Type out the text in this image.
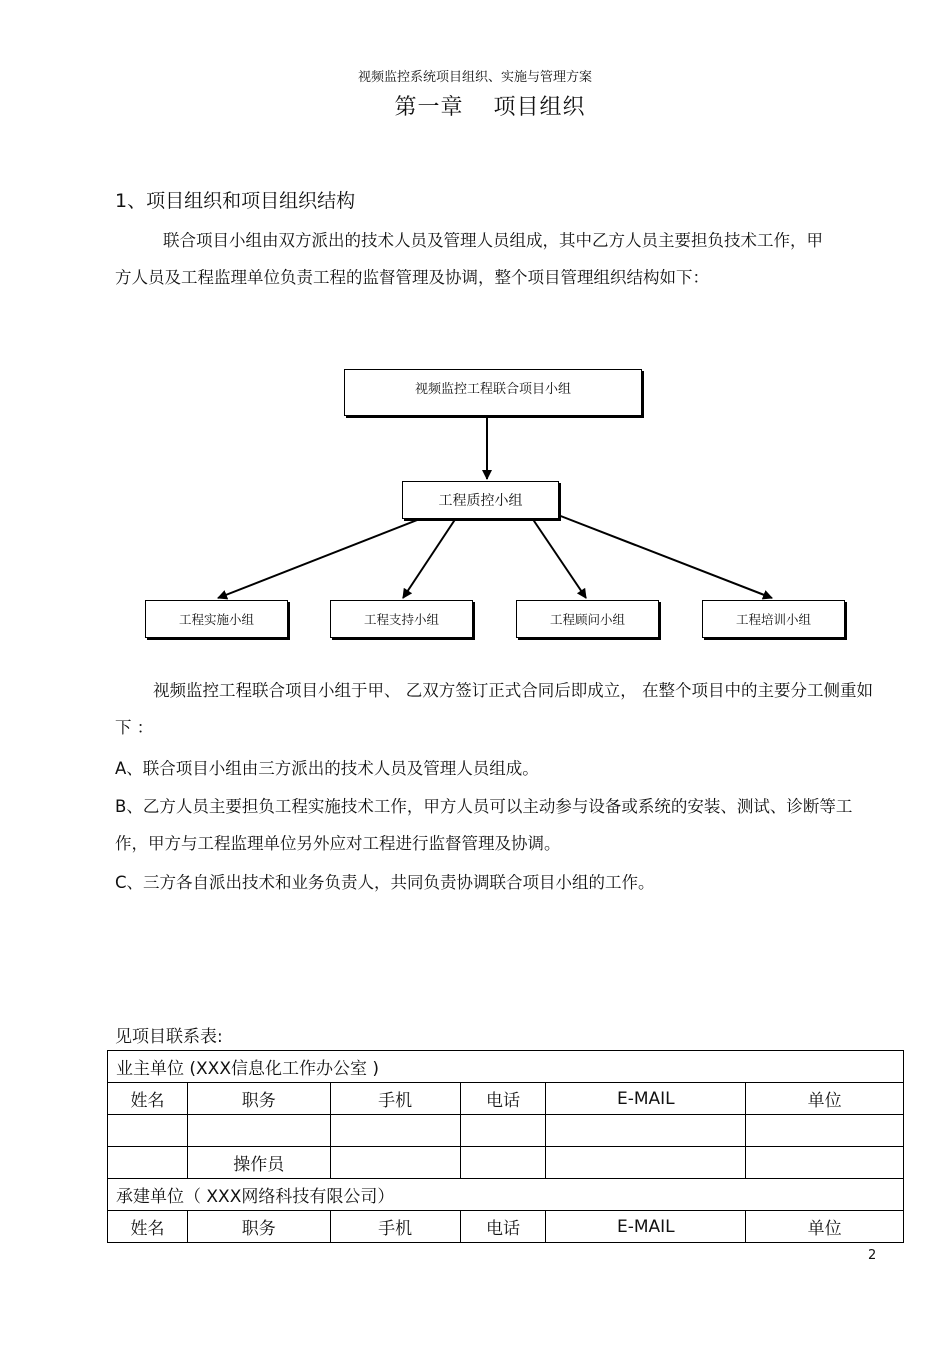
视频监控系统项目组织、实施与管理方案
第一章 项目组织
1、项目组织和项目组织结构
联合项目小组由双方派出的技术人员及管理人员组成，其中乙方人员主要担负技术工作，甲方人员及工程监理单位负责工程的监督管理及协调，整个项目管理组织结构如下：
视频监控工程联合项目小组
工程质控小组
工程实施小组	工程支持小组	工程顾问小组	工程培训小组
视频监控工程联合项目小组于甲、 乙双方签订正式合同后即成立， 在整个项目中的主要分工侧重如下 ：
A、联合项目小组由三方派出的技术人员及管理人员组成。
B、乙方人员主要担负工程实施技术工作，甲方人员可以主动参与设备或系统的安装、测试、诊断等工作，甲方与工程监理单位另外应对工程进行监督管理及协调。
C、三方各自派出技术和业务负责人，共同负责协调联合项目小组的工作。
见项目联系表:
业主单位 (XXX信息化工作办公室 )					
姓名	职务	手机	电话	E-MAIL	单位

	操作员				
承建单位（ XXX网络科技有限公司）					
姓名	职务	手机	电话	E-MAIL	单位
2
